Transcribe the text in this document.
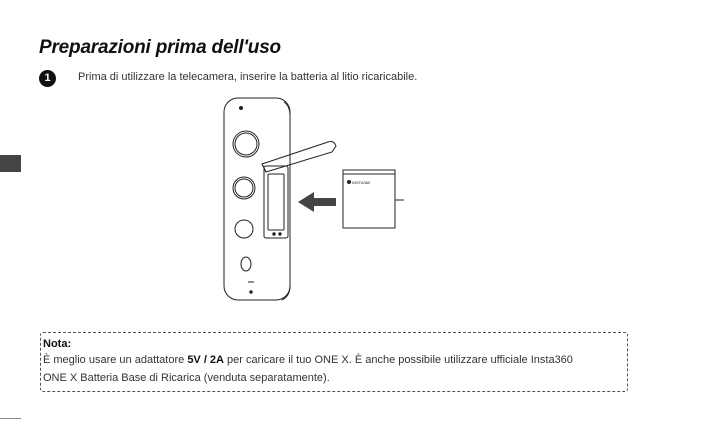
Preparazioni prima dell'uso
1	Prima di utilizzare la telecamera, inserire la batteria al litio ricaricabile.
INSTA360
Nota:
È meglio usare un adattatore 5V / 2A per caricare il tuo ONE X. È anche possibile utilizzare ufficiale Insta360
ONE X Batteria Base di Ricarica (venduta separatamente).
